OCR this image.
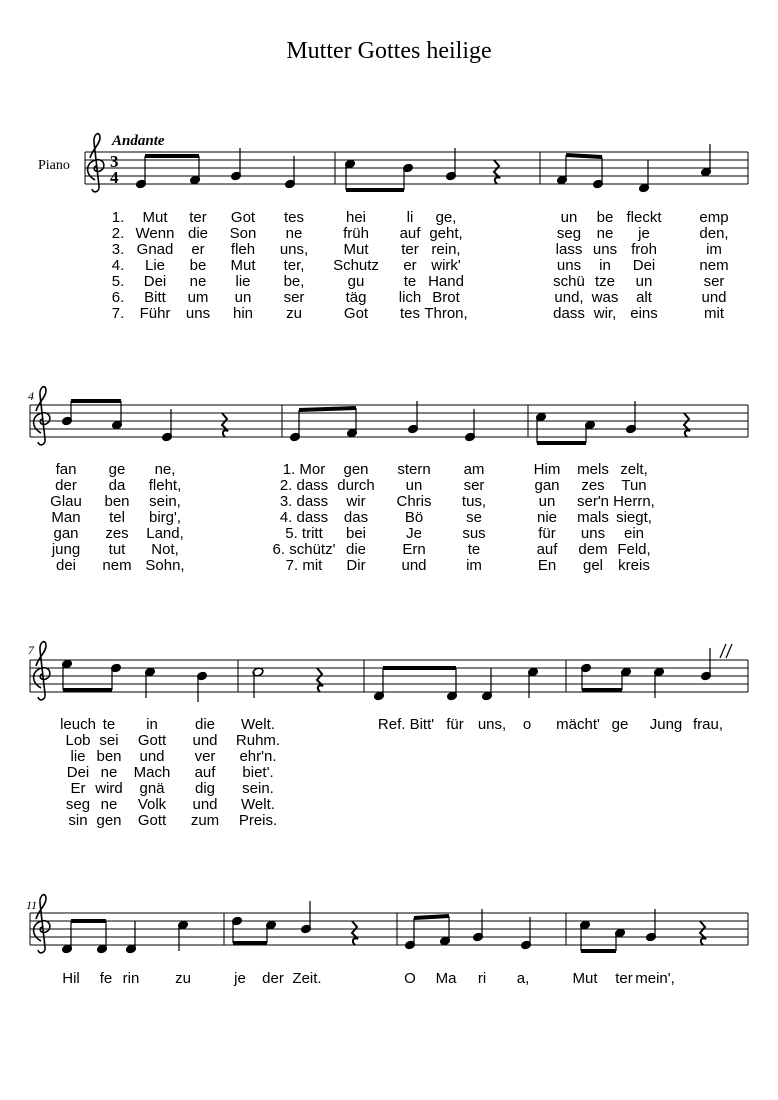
Mutter Gottes heilige
Andante
Piano
4
7
11
3
4
1. Mut ter Got tes	hei	li ge,	un be fleckt	emp
2. Wenn die Son ne	früh auf geht,	seg ne je	den,
3. Gnad er fleh uns, Mut ter rein,	lass uns froh	im
4. Lie be Mut ter, Schutz er wirk'	uns in Dei	nem
5. Dei ne lie be,	gu	te Hand	schü tze un	ser
6. Bitt um un ser	täg lich Brot	und, was alt	und
7. Führ uns hin zu	Got tes Thron,	dass wir, eins	mit
fan ge ne,	1. Mor gen stern am	Him mels zelt,
der da fleht,	2. dass durch un	ser	gan zes Tun
Glau ben sein,	3. dass wir Chris tus,	un ser'n Herrn,
Man tel birg',	4. dass das Bö	se	nie mals siegt,
gan zes Land,	5. tritt bei	Je	sus	für uns ein
jung tut Not,	6. schütz' die Ern	te	auf dem Feld,
dei nem Sohn,	7. mit Dir und	im	En gel kreis
leuch te in die Welt.	Ref. Bitt' für uns, o mächt' ge Jung frau,
Lob sei Gott und Ruhm.
lie ben und ver ehr'n.
Dei ne Mach auf biet'.
Er wird gnä dig sein.
seg ne Volk und Welt.
sin gen Gott zum Preis.
Hil fe rin zu	je der Zeit.	O Ma ri a,	Mut ter mein',
